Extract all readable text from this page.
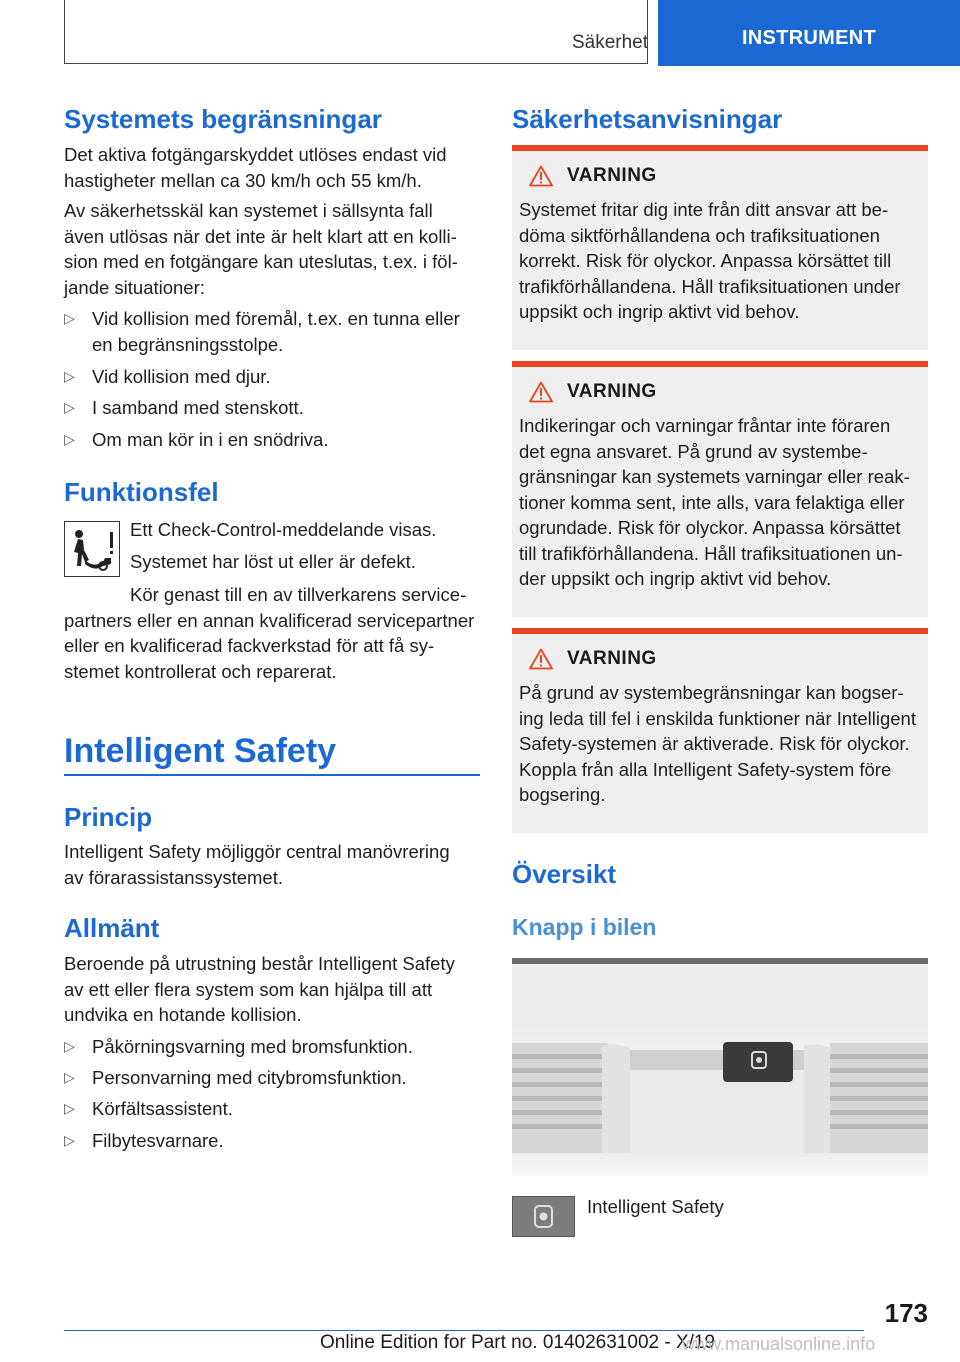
Säkerhet	INSTRUMENT
Systemets begränsningar
Det aktiva fotgängarskyddet utlöses endast vid hastigheter mellan ca 30 km/h och 55 km/h.
Av säkerhetsskäl kan systemet i sällsynta fall även utlösas när det inte är helt klart att en kollision med en fotgängare kan uteslutas, t.ex. i följande situationer:
▷ Vid kollision med föremål, t.ex. en tunna eller en begränsningsstolpe.
▷ Vid kollision med djur.
▷ I samband med stenskott.
▷ Om man kör in i en snödriva.
Funktionsfel
Ett Check-Control-meddelande visas.
Systemet har löst ut eller är defekt.
Kör genast till en av tillverkarens servicepartners eller en annan kvalificerad servicepartner eller en kvalificerad fackverkstad för att få systemet kontrollerat och reparerat.
Intelligent Safety
Princip
Intelligent Safety möjliggör central manövrering av förarassistanssystemet.
Allmänt
Beroende på utrustning består Intelligent Safety av ett eller flera system som kan hjälpa till att undvika en hotande kollision.
▷ Påkörningsvarning med bromsfunktion.
▷ Personvarning med citybromsfunktion.
▷ Körfältsassistent.
▷ Filbytesvarnare.
Säkerhetsanvisningar
VARNING
Systemet fritar dig inte från ditt ansvar att bedöma siktförhållandena och trafiksituationen korrekt. Risk för olyckor. Anpassa körsättet till trafikförhållandena. Håll trafiksituationen under uppsikt och ingrip aktivt vid behov.
VARNING
Indikeringar och varningar fråntar inte föraren det egna ansvaret. På grund av systembegränsningar kan systemets varningar eller reaktioner komma sent, inte alls, vara felaktiga eller ogrundade. Risk för olyckor. Anpassa körsättet till trafikförhållandena. Håll trafiksituationen under uppsikt och ingrip aktivt vid behov.
VARNING
På grund av systembegränsningar kan bogsering leda till fel i enskilda funktioner när Intelligent Safety-systemen är aktiverade. Risk för olyckor. Koppla från alla Intelligent Safety-system före bogsering.
Översikt
Knapp i bilen
Intelligent Safety
173
Online Edition for Part no. 01402631002 - X/19
www.manualsonline.info
